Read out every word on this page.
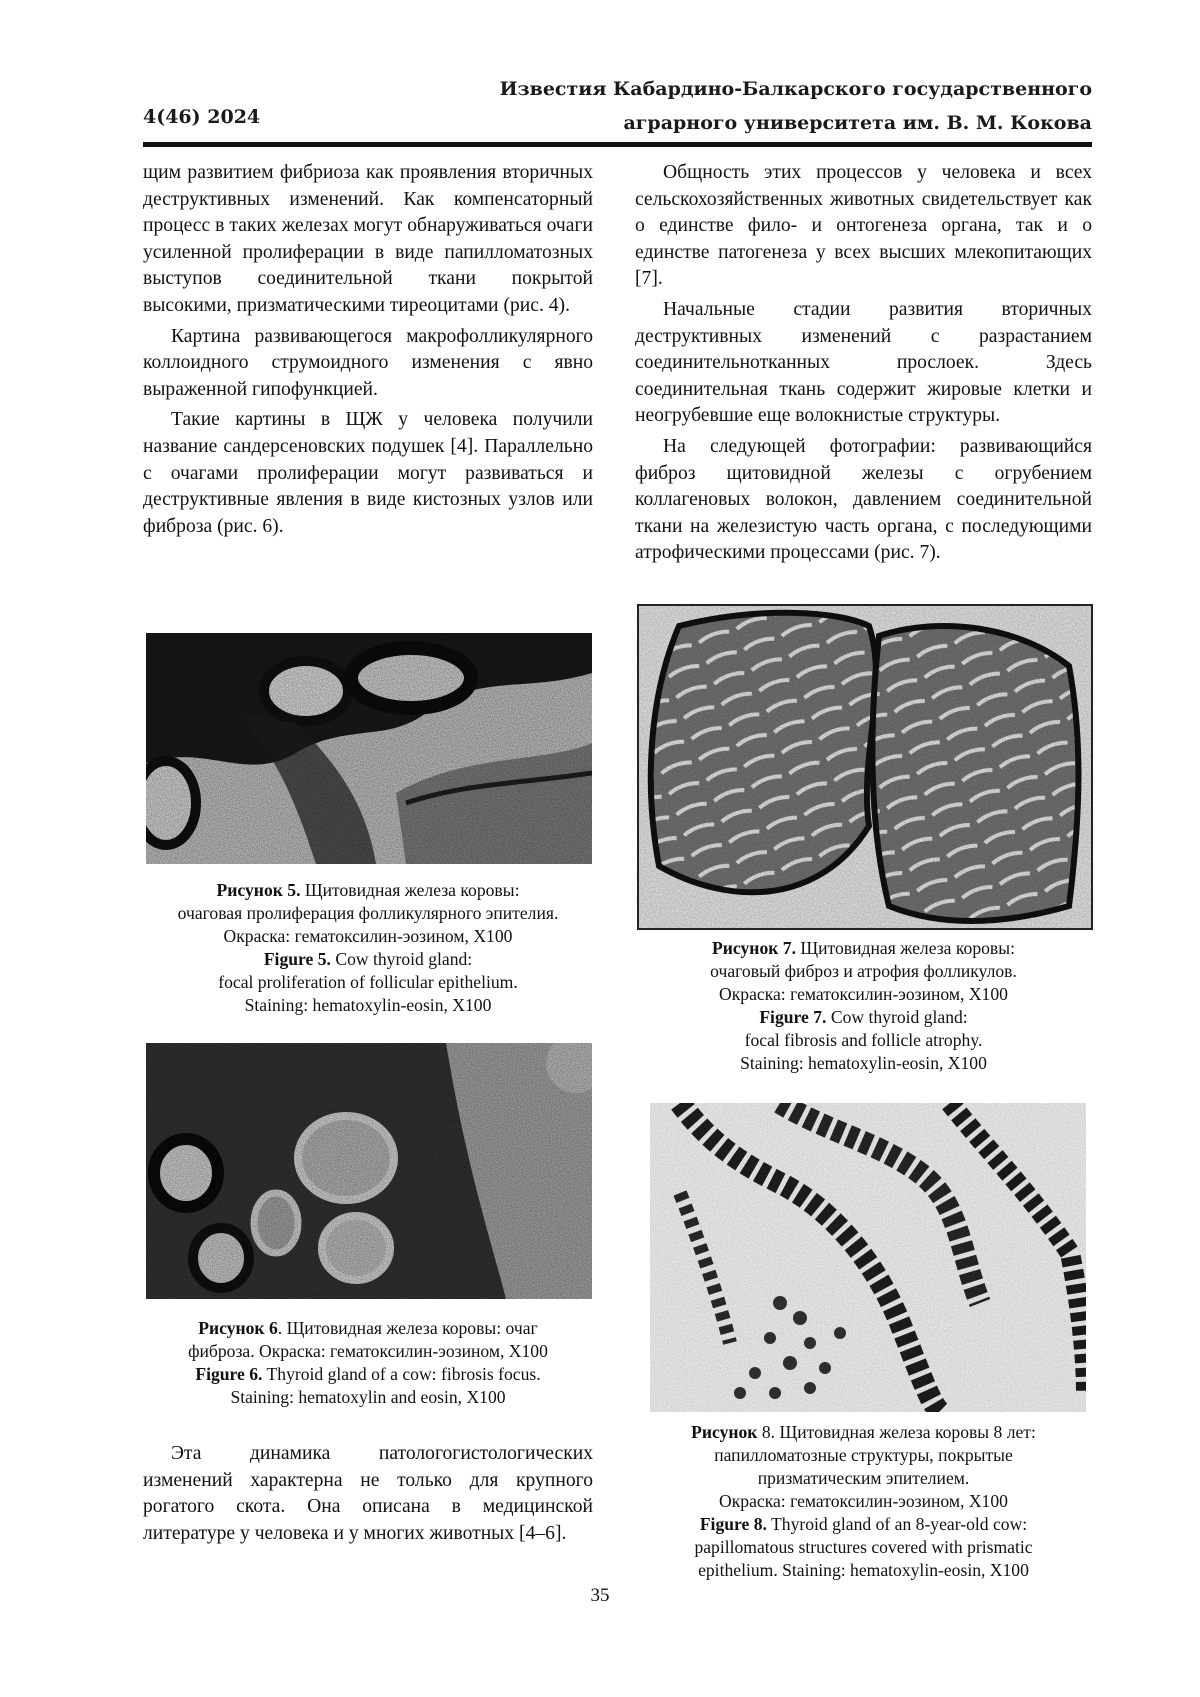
Известия Кабардино-Балкарского государственного
аграрного университета им. В. М. Кокова
4(46) 2024

щим развитием фибриоза как проявления вторичных деструктивных изменений. Как компенсаторный процесс в таких железах могут обнаруживаться очаги усиленной пролиферации в виде папилломатозных выступов соединительной ткани покрытой высокими, призматическими тиреоцитами (рис. 4).

Картина развивающегося макрофолликулярного коллоидного струмоидного изменения с явно выраженной гипофункцией.

Такие картины в ЩЖ у человека получили название сандерсеновских подушек [4]. Параллельно с очагами пролиферации могут развиваться и деструктивные явления в виде кистозных узлов или фиброза (рис. 6).

Общность этих процессов у человека и всех сельскохозяйственных животных свидетельствует как о единстве фило- и онтогенеза органа, так и о единстве патогенеза у всех высших млекопитающих [7].

Начальные стадии развития вторичных деструктивных изменений с разрастанием соединительнотканных прослоек. Здесь соединительная ткань содержит жировые клетки и неогрубевшие еще волокнистые структуры.

На следующей фотографии: развивающийся фиброз щитовидной железы с огрубением коллагеновых волокон, давлением соединительной ткани на железистую часть органа, с последующими атрофическими процессами (рис. 7).

Рисунок 5. Щитовидная железа коровы:
очаговая пролиферация фолликулярного эпителия.
Окраска: гематоксилин-эозином, Х100
Figure 5. Cow thyroid gland:
focal proliferation of follicular epithelium.
Staining: hematoxylin-eosin, X100
Рисунок 6. Щитовидная железа коровы: очаг
фиброза. Окраска: гематоксилин-эозином, Х100
Figure 6. Thyroid gland of a cow: fibrosis focus.
Staining: hematoxylin and eosin, X100

Эта динамика патологогистологических изменений характерна не только для крупного рогатого скота. Она описана в медицинской литературе у человека и у многих животных [4–6].

Рисунок 7. Щитовидная железа коровы:
очаговый фиброз и атрофия фолликулов.
Окраска: гематоксилин-эозином, Х100
Figure 7. Cow thyroid gland:
focal fibrosis and follicle atrophy.
Staining: hematoxylin-eosin, X100
Рисунок 8. Щитовидная железа коровы 8 лет:
папилломатозные структуры, покрытые
призматическим эпителием.
Окраска: гематоксилин-эозином, Х100
Figure 8. Thyroid gland of an 8-year-old cow:
papillomatous structures covered with prismatic
epithelium. Staining: hematoxylin-eosin, X100
35
